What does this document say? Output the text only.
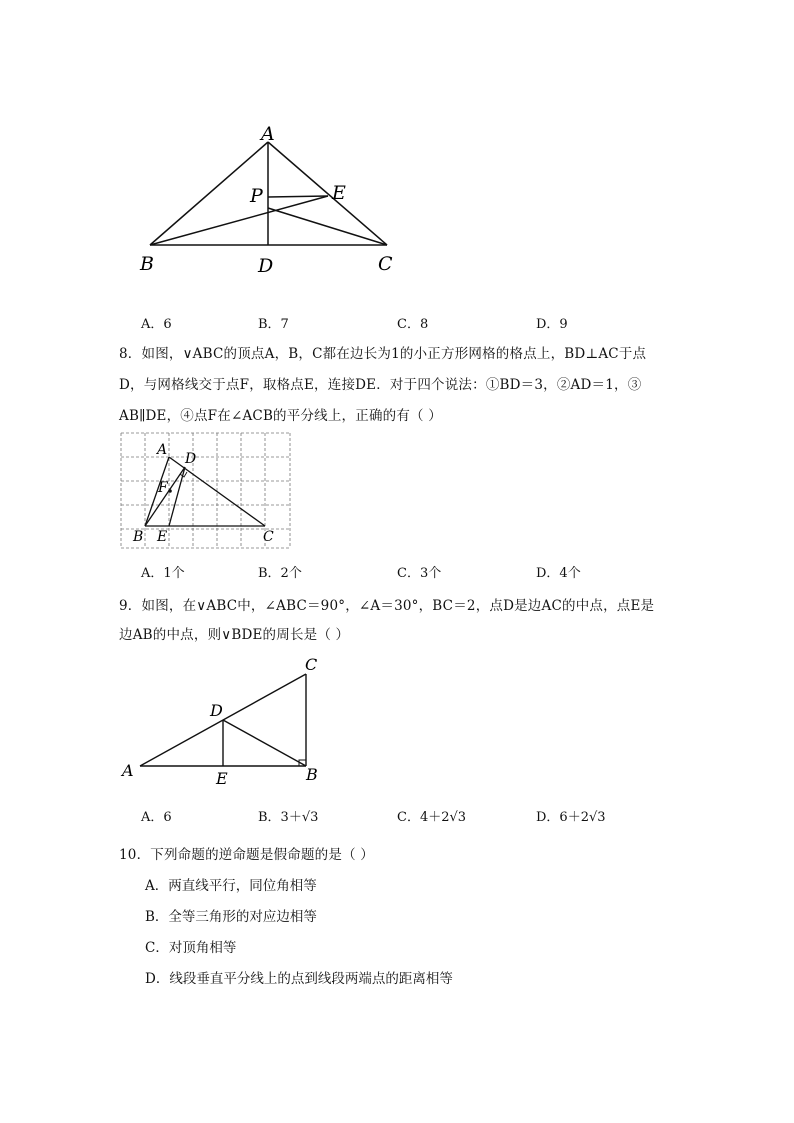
A
P	E
B	D	C
A．6	B．7	C．8	D．9
8．如图，∨ABC的顶点A，B，C都在边长为1的小正方形网格的格点上，BD⊥AC于点
D，与网格线交于点F，取格点E，连接DE．对于四个说法：①BD＝3，②AD＝1，③
AB∥DE，④点F在∠ACB的平分线上，正确的有（ ）
A
D
F
B E	C
A．1个	B．2个	C．3个	D．4个
9．如图，在∨ABC中，∠ABC＝90°，∠A＝30°，BC＝2，点D是边AC的中点，点E是
边AB的中点，则∨BDE的周长是（ ）
C
D
A	E	B
A．6	B．3＋√3	C．4＋2√3	D．6＋2√3
10．下列命题的逆命题是假命题的是（ ）
A．两直线平行，同位角相等
B．全等三角形的对应边相等
C．对顶角相等
D．线段垂直平分线上的点到线段两端点的距离相等
